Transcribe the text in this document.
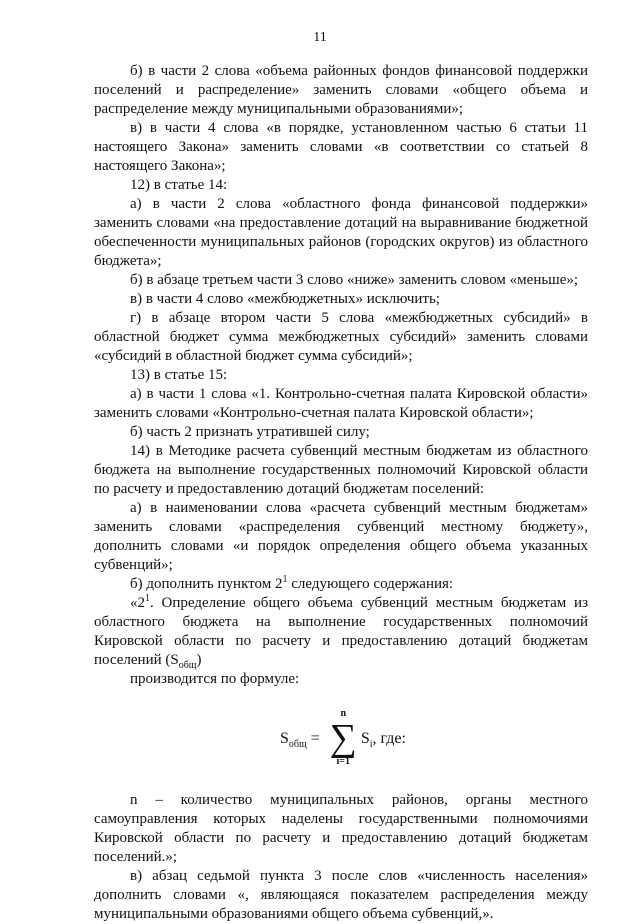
11

б) в части 2 слова «объема районных фондов финансовой поддержки поселений и распределение» заменить словами «общего объема и распределение между муниципальными образованиями»;

в) в части 4 слова «в порядке, установленном частью 6 статьи 11 настоящего Закона» заменить словами «в соответствии со статьей 8 настоящего Закона»;

12) в статье 14:

а) в части 2 слова «областного фонда финансовой поддержки» заменить словами «на предоставление дотаций на выравнивание бюджетной обеспеченности муниципальных районов (городских округов) из областного бюджета»;

б) в абзаце третьем части 3 слово «ниже» заменить словом «меньше»;

в) в части 4 слово «межбюджетных» исключить;

г) в абзаце втором части 5 слова «межбюджетных субсидий» в областной бюджет сумма межбюджетных субсидий» заменить словами «субсидий в областной бюджет сумма субсидий»;

13) в статье 15:

а) в части 1 слова «1. Контрольно-счетная палата Кировской области» заменить словами «Контрольно-счетная палата Кировской области»;

б) часть 2 признать утратившей силу;

14) в Методике расчета субвенций местным бюджетам из областного бюджета на выполнение государственных полномочий Кировской области по расчету и предоставлению дотаций бюджетам поселений:

а) в наименовании слова «расчета субвенций местным бюджетам» заменить словами «распределения субвенций местному бюджету», дополнить словами «и порядок определения общего объема указанных субвенций»;

б) дополнить пунктом $2^1$ следующего содержания:

«$2^1$. Определение общего объема субвенций местным бюджетам из областного бюджета на выполнение государственных полномочий Кировской области по расчету и предоставлению дотаций бюджетам поселений $(S_{общ})$

производится по формуле:

$S_{общ}$ =
n
∑
i=1
$S_i$ , где:

n – количество муниципальных районов, органы местного самоуправления которых наделены государственными полномочиями Кировской области по расчету и предоставлению дотаций бюджетам поселений.»;

в) абзац седьмой пункта 3 после слов «численность населения» дополнить словами «, являющаяся показателем распределения между муниципальными образованиями общего объема субвенций,».
